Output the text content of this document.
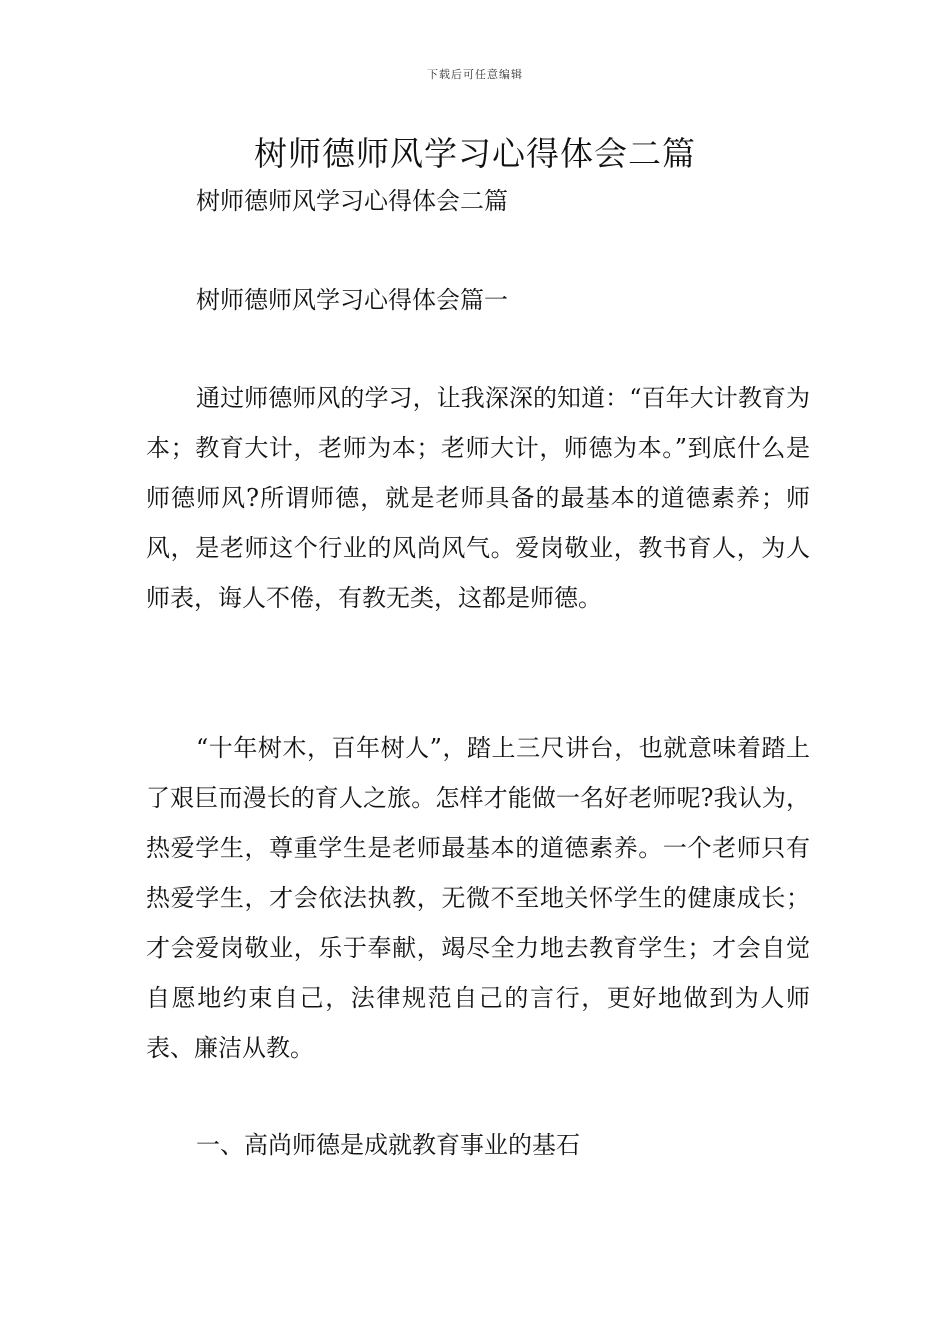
下载后可任意编辑
树师德师风学习心得体会二篇

树师德师风学习心得体会二篇

树师德师风学习心得体会篇一

通过师德师风的学习，让我深深的知道：“百年大计教育为本；教育大计，老师为本；老师大计，师德为本。”到底什么是师德师风?所谓师德，就是老师具备的最基本的道德素养；师风，是老师这个行业的风尚风气。爱岗敬业，教书育人，为人师表，诲人不倦，有教无类，这都是师德。

“十年树木，百年树人”，踏上三尺讲台，也就意味着踏上了艰巨而漫长的育人之旅。怎样才能做一名好老师呢?我认为，热爱学生，尊重学生是老师最基本的道德素养。一个老师只有热爱学生，才会依法执教，无微不至地关怀学生的健康成长；才会爱岗敬业，乐于奉献，竭尽全力地去教育学生；才会自觉自愿地约束自己，法律规范自己的言行，更好地做到为人师表、廉洁从教。

一、高尚师德是成就教育事业的基石
